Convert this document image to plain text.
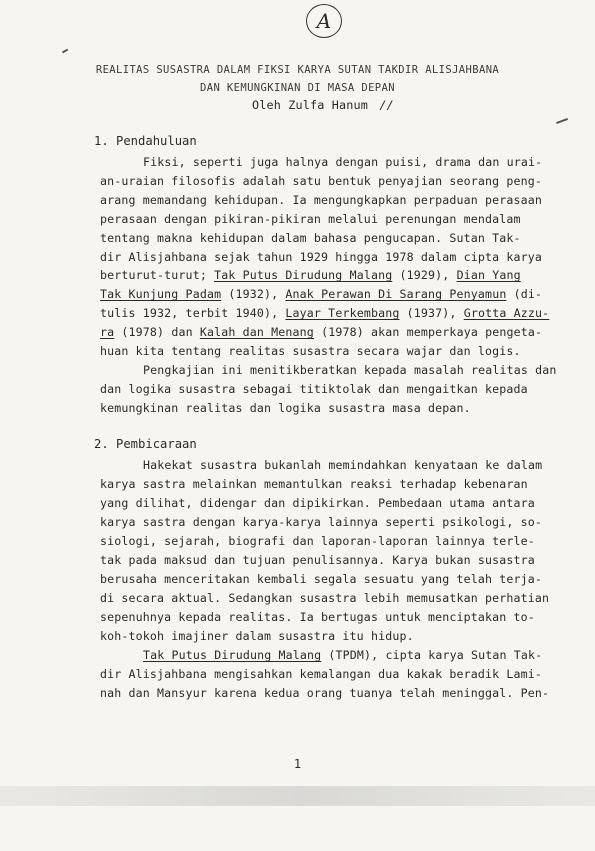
A
REALITAS SUSASTRA DALAM FIKSI KARYA SUTAN TAKDIR ALISJAHBANA
DAN KEMUNGKINAN DI MASA DEPAN
Oleh Zulfa Hanum //
1. Pendahuluan
Fiksi, seperti juga halnya dengan puisi, drama dan urai-
an-uraian filosofis adalah satu bentuk penyajian seorang peng-
arang memandang kehidupan. Ia mengungkapkan perpaduan perasaan
perasaan dengan pikiran-pikiran melalui perenungan mendalam
tentang makna kehidupan dalam bahasa pengucapan. Sutan Tak-
dir Alisjahbana sejak tahun 1929 hingga 1978 dalam cipta karya
berturut-turut; Tak Putus Dirudung Malang (1929), Dian Yang
Tak Kunjung Padam (1932), Anak Perawan Di Sarang Penyamun (di-
tulis 1932, terbit 1940), Layar Terkembang (1937), Grotta Azzu-
ra (1978) dan Kalah dan Menang (1978) akan memperkaya pengeta-
huan kita tentang realitas susastra secara wajar dan logis.
Pengkajian ini menitikberatkan kepada masalah realitas dan
dan logika susastra sebagai titiktolak dan mengaitkan kepada
kemungkinan realitas dan logika susastra masa depan.
2. Pembicaraan
Hakekat susastra bukanlah memindahkan kenyataan ke dalam
karya sastra melainkan memantulkan reaksi terhadap kebenaran
yang dilihat, didengar dan dipikirkan. Pembedaan utama antara
karya sastra dengan karya-karya lainnya seperti psikologi, so-
siologi, sejarah, biografi dan laporan-laporan lainnya terle-
tak pada maksud dan tujuan penulisannya. Karya bukan susastra
berusaha menceritakan kembali segala sesuatu yang telah terja-
di secara aktual. Sedangkan susastra lebih memusatkan perhatian
sepenuhnya kepada realitas. Ia bertugas untuk menciptakan to-
koh-tokoh imajiner dalam susastra itu hidup.
Tak Putus Dirudung Malang (TPDM), cipta karya Sutan Tak-
dir Alisjahbana mengisahkan kemalangan dua kakak beradik Lami-
nah dan Mansyur karena kedua orang tuanya telah meninggal. Pen-
1
